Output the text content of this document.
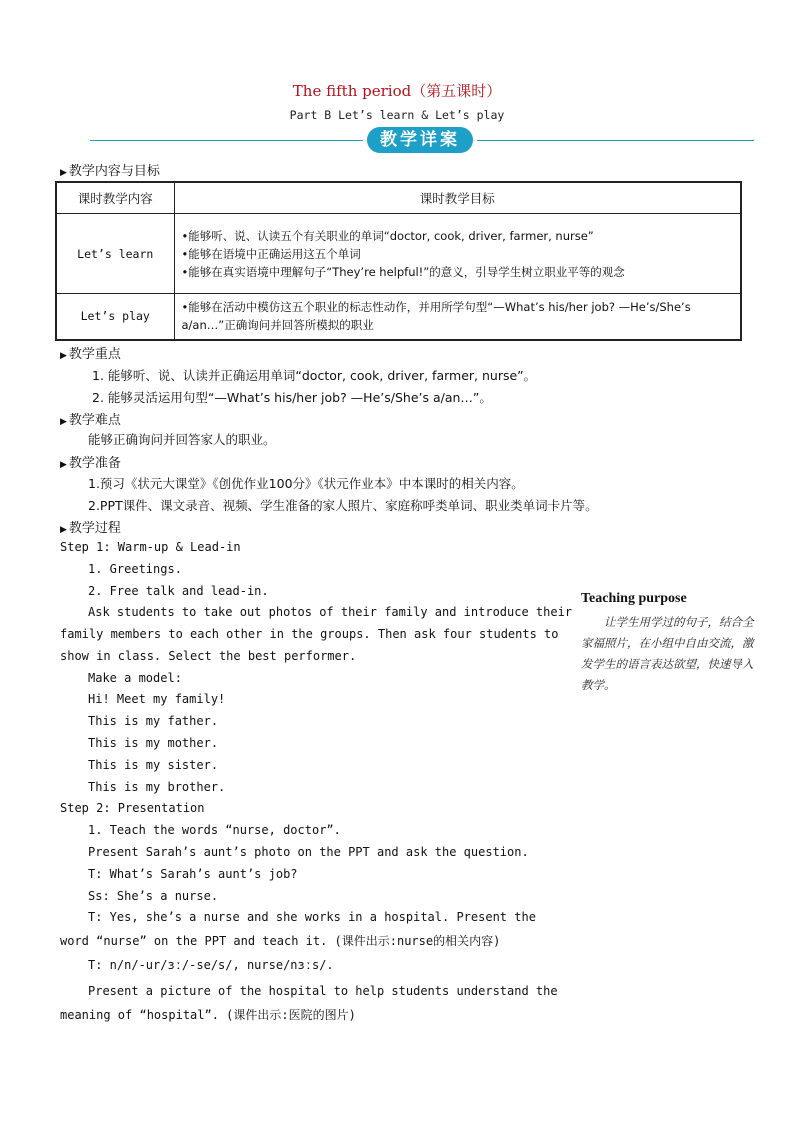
The fifth period（第五课时）
Part B Let’s learn & Let’s play
教学详案
▶ 教学内容与目标
课时教学内容	课时教学目标
Let’s learn	•能够听、说、认读五个有关职业的单词“doctor, cook, driver, farmer, nurse”
•能够在语境中正确运用这五个单词
•能够在真实语境中理解句子“They’re helpful!”的意义，引导学生树立职业平等的观念

Let’s play	•能够在活动中模仿这五个职业的标志性动作，并用所学句型“—What’s his/her job? —He’s/She’s a/an…”正确询问并回答所模拟的职业
▶ 教学重点
1. 能够听、说、认读并正确运用单词“doctor, cook, driver, farmer, nurse”。
2. 能够灵活运用句型“—What’s his/her job? —He’s/She’s a/an…”。
▶ 教学难点
能够正确询问并回答家人的职业。
▶ 教学准备
1.预习《状元大课堂》《创优作业100分》《状元作业本》中本课时的相关内容。
2.PPT课件、课文录音、视频、学生准备的家人照片、家庭称呼类单词、职业类单词卡片等。
▶ 教学过程
Step 1: Warm-up & Lead-in
1. Greetings.
2. Free talk and lead-in.
Ask students to take out photos of their family and introduce their
family members to each other in the groups. Then ask four students to
show in class. Select the best performer.
Make a model:
Hi! Meet my family!
This is my father.
This is my mother.
This is my sister.
This is my brother.
Step 2: Presentation
1. Teach the words “nurse, doctor”.
Present Sarah’s aunt’s photo on the PPT and ask the question.
T: What’s Sarah’s aunt’s job?
Ss: She’s a nurse.
T: Yes, she’s a nurse and she works in a hospital. Present the
word “nurse” on the PPT and teach it. (课件出示:nurse的相关内容)
T: n/n/-ur/ɜː/-se/s/, nurse/nɜːs/.
Present a picture of the hospital to help students understand the
meaning of “hospital”. (课件出示:医院的图片)
Teaching purpose
让学生用学过的句子，结合全家福照片，在小组中自由交流，激发学生的语言表达欲望，快速导入教学。
